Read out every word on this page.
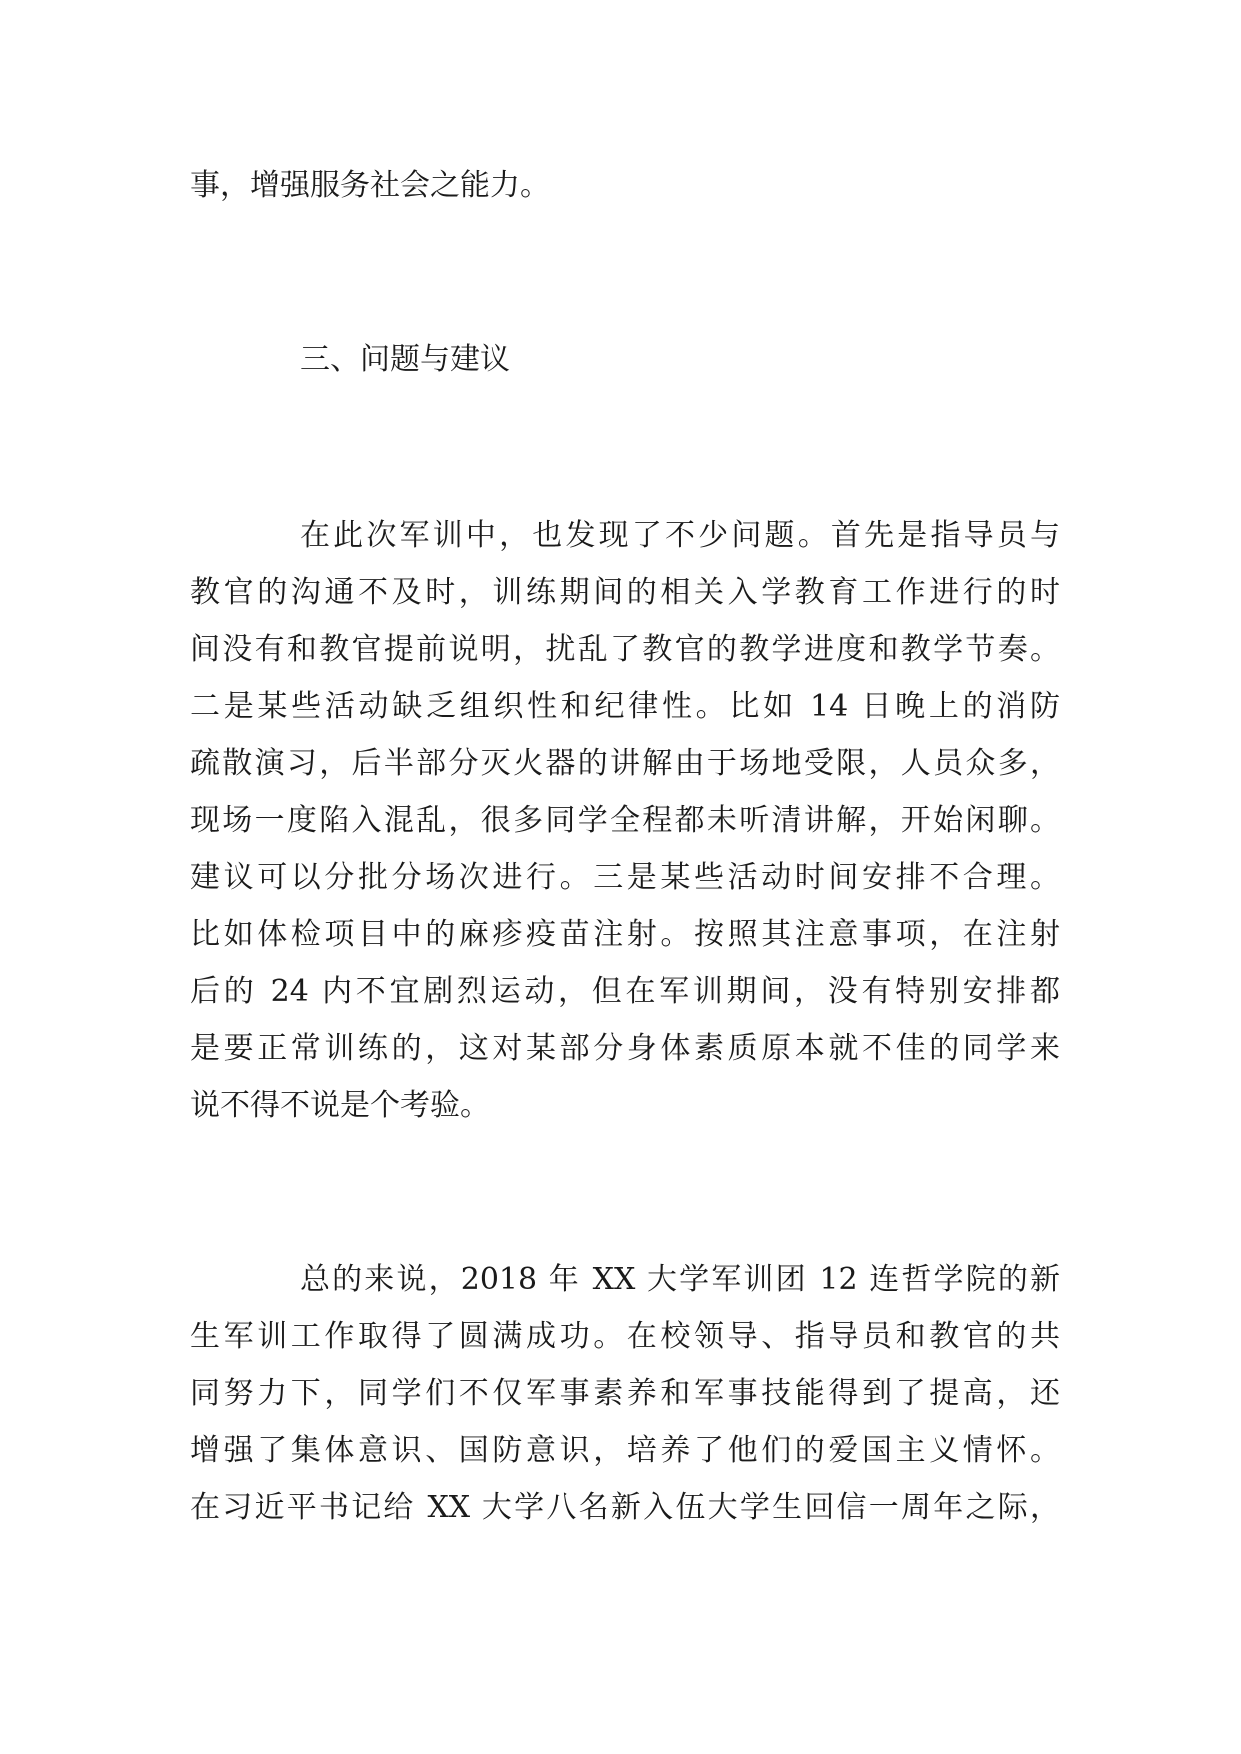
事，增强服务社会之能力。
三、问题与建议
在此次军训中，也发现了不少问题。首先是指导员与
教官的沟通不及时，训练期间的相关入学教育工作进行的时
间没有和教官提前说明，扰乱了教官的教学进度和教学节奏。
二是某些活动缺乏组织性和纪律性。比如 14 日晚上的消防
疏散演习，后半部分灭火器的讲解由于场地受限，人员众多，
现场一度陷入混乱，很多同学全程都未听清讲解，开始闲聊。
建议可以分批分场次进行。三是某些活动时间安排不合理。
比如体检项目中的麻疹疫苗注射。按照其注意事项，在注射
后的 24 内不宜剧烈运动，但在军训期间，没有特别安排都
是要正常训练的，这对某部分身体素质原本就不佳的同学来
说不得不说是个考验。
总的来说，2018 年 XX 大学军训团 12 连哲学院的新
生军训工作取得了圆满成功。在校领导、指导员和教官的共
同努力下，同学们不仅军事素养和军事技能得到了提高，还
增强了集体意识、国防意识，培养了他们的爱国主义情怀。
在习近平书记给 XX 大学八名新入伍大学生回信一周年之际，
